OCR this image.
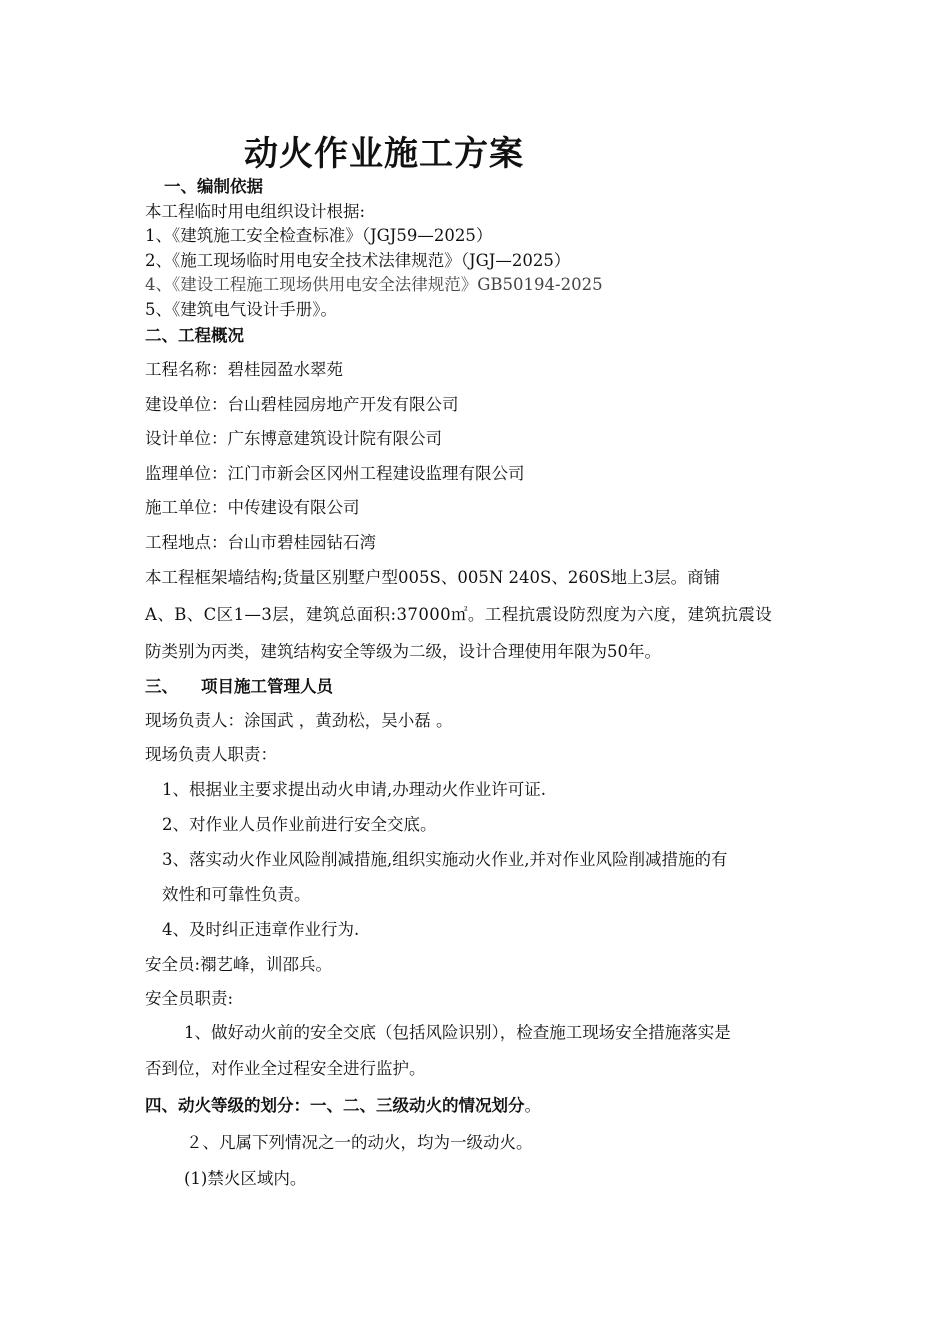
动火作业施工方案
一、编制依据
本工程临时用电组织设计根据:
1、《建筑施工安全检查标准》（JGJ59—2025）
2、《施工现场临时用电安全技术法律规范》（JGJ—2025）
4、《建设工程施工现场供用电安全法律规范》GB50194-2025
5、《建筑电气设计手册》。
二、工程概况
工程名称：碧桂园盈水翠苑
建设单位：台山碧桂园房地产开发有限公司
设计单位：广东博意建筑设计院有限公司
监理单位：江门市新会区冈州工程建设监理有限公司
施工单位：中传建设有限公司
工程地点：台山市碧桂园钻石湾
本工程框架墙结构;货量区别墅户型005S、005N 240S、260S地上3层。商铺
A、B、C区1—3层，建筑总面积:37000㎡。工程抗震设防烈度为六度，建筑抗震设
防类别为丙类，建筑结构安全等级为二级，设计合理使用年限为50年。
三、 项目施工管理人员
现场负责人：涂国武 ，黄劲松，吴小磊 。
现场负责人职责：
1、根据业主要求提出动火申请,办理动火作业许可证.
2、对作业人员作业前进行安全交底。
3、落实动火作业风险削减措施,组织实施动火作业,并对作业风险削减措施的有
效性和可靠性负责。
4、及时纠正违章作业行为.
安全员:禤艺峰，训邵兵。
安全员职责:
1、做好动火前的安全交底（包括风险识别），检查施工现场安全措施落实是
否到位，对作业全过程安全进行监护。
四、动火等级的划分：一、二、三级动火的情况划分。
２、凡属下列情况之一的动火，均为一级动火。
(1)禁火区域内。
